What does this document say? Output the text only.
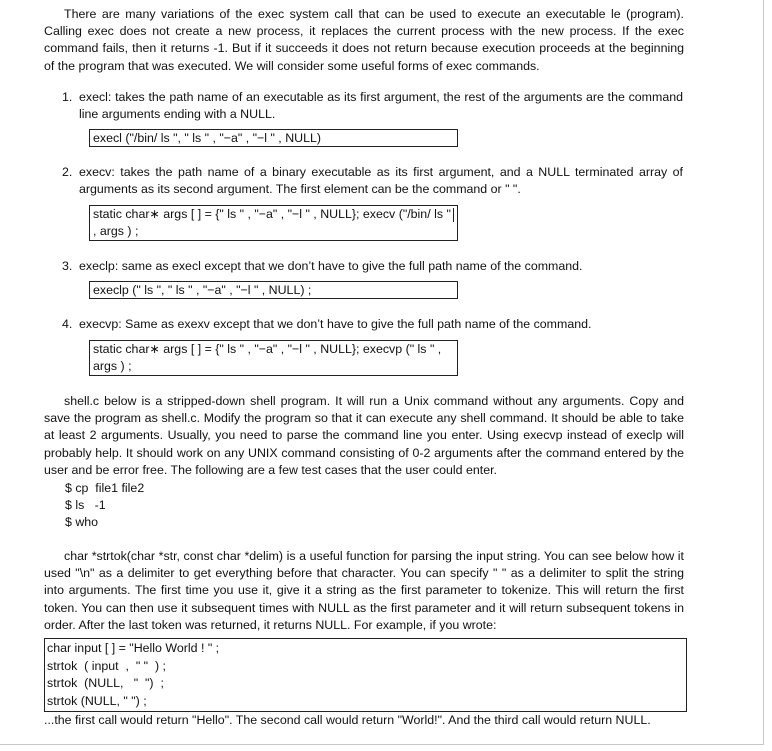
There are many variations of the exec system call that can be used to execute an executable le (program). Calling exec does not create a new process, it replaces the current process with the new process. If the exec command fails, then it returns -1. But if it succeeds it does not return because execution proceeds at the beginning of the program that was executed. We will consider some useful forms of exec commands.

1. execl: takes the path name of an executable as its first argument, the rest of the arguments are the command line arguments ending with a NULL.

execl ("/bin/ ls ", " ls " , "−a" , "−l " , NULL)
2. execv: takes the path name of a binary executable as its first argument, and a NULL terminated array of arguments as its second argument. The first element can be the command or " ".

static char∗ args [ ] = {" ls " , "−a" , "−l " , NULL}; execv ("/bin/ ls "
, args ) ;
3. execlp: same as execl except that we don’t have to give the full path name of the command.

execlp (" ls ", " ls " , "−a" , "−l " , NULL) ;
4. execvp: Same as exexv except that we don’t have to give the full path name of the command.

static char∗ args [ ] = {" ls " , "−a" , "−l " , NULL}; execvp (" ls " ,
args ) ;

shell.c below is a stripped-down shell program. It will run a Unix command without any arguments. Copy and save the program as shell.c. Modify the program so that it can execute any shell command. It should be able to take at least 2 arguments. Usually, you need to parse the command line you enter. Using execvp instead of execlp will probably help. It should work on any UNIX command consisting of 0-2 arguments after the command entered by the user and be error free. The following are a few test cases that the user could enter.

$ cp  file1 file2
$ ls   -1
$ who

char *strtok(char *str, const char *delim) is a useful function for parsing the input string. You can see below how it used "\n" as a delimiter to get everything before that character. You can specify " " as a delimiter to split the string into arguments. The first time you use it, give it a string as the first parameter to tokenize. This will return the first token. You can then use it subsequent times with NULL as the first parameter and it will return subsequent tokens in order. After the last token was returned, it returns NULL. For example, if you wrote:

char input [ ] = "Hello World ! " ;
strtok  ( input  ,  " "  ) ;
strtok  (NULL,   "  ")  ;
strtok (NULL, " ") ;
...the first call would return "Hello". The second call would return "World!". And the third call would return NULL.
